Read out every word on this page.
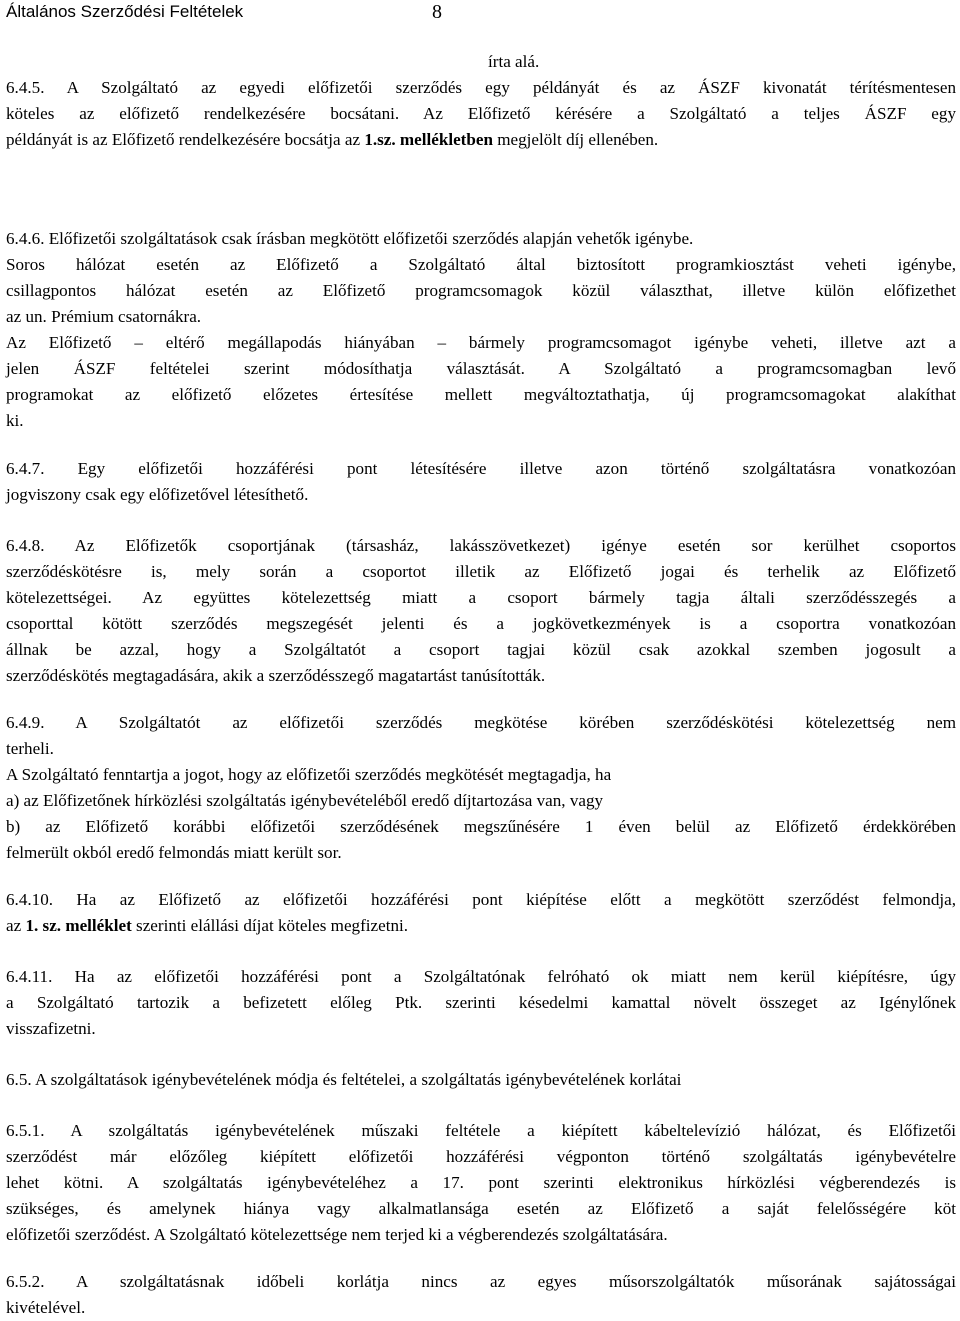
Általános Szerződési Feltételek	8
írta alá.
6.4.5. A Szolgáltató az egyedi előfizetői szerződés egy példányát és az ÁSZF kivonatát térítésmentesen
köteles az előfizető rendelkezésére bocsátani. Az Előfizető kérésére a Szolgáltató a teljes ÁSZF egy
példányát is az Előfizető rendelkezésére bocsátja az 1.sz. mellékletben megjelölt díj ellenében.
6.4.6. Előfizetői szolgáltatások csak írásban megkötött előfizetői szerződés alapján vehetők igénybe.
Soros hálózat esetén az Előfizető a Szolgáltató által biztosított programkiosztást veheti igénybe,
csillagpontos hálózat esetén az Előfizető programcsomagok közül választhat, illetve külön előfizethet
az un. Prémium csatornákra.
Az Előfizető – eltérő megállapodás hiányában – bármely programcsomagot igénybe veheti, illetve azt a
jelen ÁSZF feltételei szerint módosíthatja választását. A Szolgáltató a programcsomagban levő
programokat az előfizető előzetes értesítése mellett megváltoztathatja, új programcsomagokat alakíthat
ki.
6.4.7. Egy előfizetői hozzáférési pont létesítésére illetve azon történő szolgáltatásra vonatkozóan
jogviszony csak egy előfizetővel létesíthető.
6.4.8. Az Előfizetők csoportjának (társasház, lakásszövetkezet) igénye esetén sor kerülhet csoportos
szerződéskötésre is, mely során a csoportot illetik az Előfizető jogai és terhelik az Előfizető
kötelezettségei. Az együttes kötelezettség miatt a csoport bármely tagja általi szerződésszegés a
csoporttal kötött szerződés megszegését jelenti és a jogkövetkezmények is a csoportra vonatkozóan
állnak be azzal, hogy a Szolgáltatót a csoport tagjai közül csak azokkal szemben jogosult a
szerződéskötés megtagadására, akik a szerződésszegő magatartást tanúsították.
6.4.9. A Szolgáltatót az előfizetői szerződés megkötése körében szerződéskötési kötelezettség nem
terheli.
A Szolgáltató fenntartja a jogot, hogy az előfizetői szerződés megkötését megtagadja, ha
a) az Előfizetőnek hírközlési szolgáltatás igénybevételéből eredő díjtartozása van, vagy
b) az Előfizető korábbi előfizetői szerződésének megszűnésére 1 éven belül az Előfizető érdekkörében
felmerült okból eredő felmondás miatt került sor.
6.4.10. Ha az Előfizető az előfizetői hozzáférési pont kiépítése előtt a megkötött szerződést felmondja,
az 1. sz. melléklet szerinti elállási díjat köteles megfizetni.
6.4.11. Ha az előfizetői hozzáférési pont a Szolgáltatónak felróható ok miatt nem kerül kiépítésre, úgy
a Szolgáltató tartozik a befizetett előleg Ptk. szerinti késedelmi kamattal növelt összeget az Igénylőnek
visszafizetni.
6.5. A szolgáltatások igénybevételének módja és feltételei, a szolgáltatás igénybevételének korlátai
6.5.1. A szolgáltatás igénybevételének műszaki feltétele a kiépített kábeltelevízió hálózat, és Előfizetői
szerződést már előzőleg kiépített előfizetői hozzáférési végponton történő szolgáltatás igénybevételre
lehet kötni. A szolgáltatás igénybevételéhez a 17. pont szerinti elektronikus hírközlési végberendezés is
szükséges, és amelynek hiánya vagy alkalmatlansága esetén az Előfizető a saját felelősségére köt
előfizetői szerződést. A Szolgáltató kötelezettsége nem terjed ki a végberendezés szolgáltatására.
6.5.2. A szolgáltatásnak időbeli korlátja nincs az egyes műsorszolgáltatók műsorának sajátosságai
kivételével.
